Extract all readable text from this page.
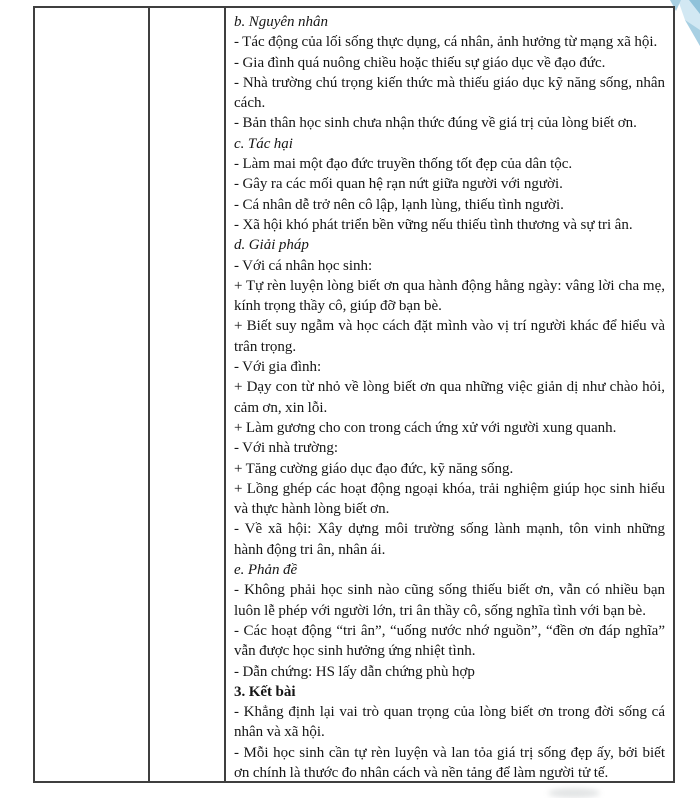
b. Nguyên nhân

- Tác động của lối sống thực dụng, cá nhân, ảnh hưởng từ mạng xã hội.

- Gia đình quá nuông chiều hoặc thiếu sự giáo dục về đạo đức.

- Nhà trường chú trọng kiến thức mà thiếu giáo dục kỹ năng sống, nhân cách.

- Bản thân học sinh chưa nhận thức đúng về giá trị của lòng biết ơn.

c. Tác hại

- Làm mai một đạo đức truyền thống tốt đẹp của dân tộc.

- Gây ra các mối quan hệ rạn nứt giữa người với người.

- Cá nhân dễ trở nên cô lập, lạnh lùng, thiếu tình người.

- Xã hội khó phát triển bền vững nếu thiếu tình thương và sự tri ân.

d. Giải pháp

- Với cá nhân học sinh:

+ Tự rèn luyện lòng biết ơn qua hành động hằng ngày: vâng lời cha mẹ, kính trọng thầy cô, giúp đỡ bạn bè.

+ Biết suy ngẫm và học cách đặt mình vào vị trí người khác để hiểu và trân trọng.

- Với gia đình:

+ Dạy con từ nhỏ về lòng biết ơn qua những việc giản dị như chào hỏi, cảm ơn, xin lỗi.

+ Làm gương cho con trong cách ứng xử với người xung quanh.

- Với nhà trường:

+ Tăng cường giáo dục đạo đức, kỹ năng sống.

+ Lồng ghép các hoạt động ngoại khóa, trải nghiệm giúp học sinh hiểu và thực hành lòng biết ơn.

- Về xã hội: Xây dựng môi trường sống lành mạnh, tôn vinh những hành động tri ân, nhân ái.

e. Phản đề

- Không phải học sinh nào cũng sống thiếu biết ơn, vẫn có nhiều bạn luôn lễ phép với người lớn, tri ân thầy cô, sống nghĩa tình với bạn bè.

- Các hoạt động “tri ân”, “uống nước nhớ nguồn”, “đền ơn đáp nghĩa” vẫn được học sinh hưởng ứng nhiệt tình.

- Dẫn chứng: HS lấy dẫn chứng phù hợp

3. Kết bài

- Khẳng định lại vai trò quan trọng của lòng biết ơn trong đời sống cá nhân và xã hội.

- Mỗi học sinh cần tự rèn luyện và lan tỏa giá trị sống đẹp ấy, bởi biết ơn chính là thước đo nhân cách và nền tảng để làm người tử tế.
